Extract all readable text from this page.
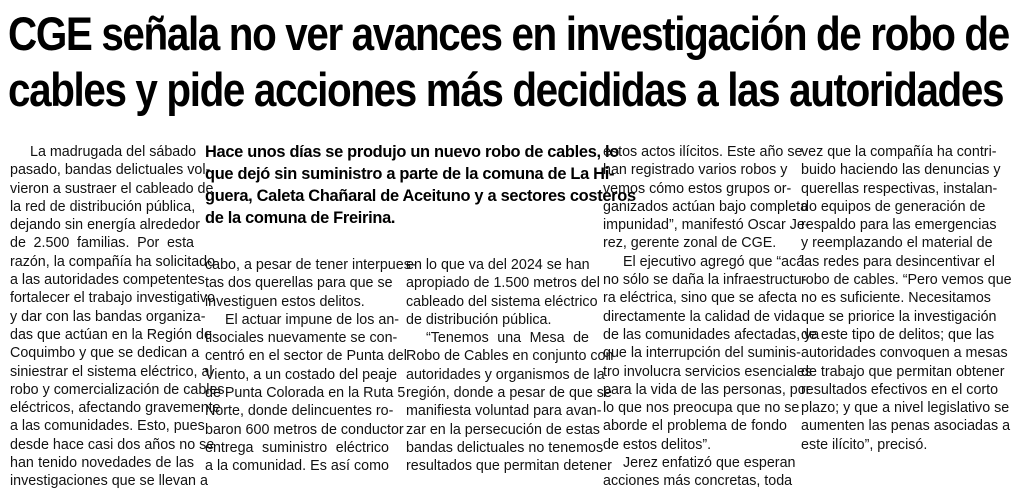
CGE señala no ver avances en investigación de robo de
cables y pide acciones más decididas a las autoridades
Hace unos días se produjo un nuevo robo de cables, lo
que dejó sin suministro a parte de la comuna de La Hi-
guera, Caleta Chañaral de Aceituno y a sectores costeros
de la comuna de Freirina.
La madrugada del sábado
pasado, bandas delictuales vol-
vieron a sustraer el cableado de
la red de distribución pública,
dejando sin energía alrededor
de 2.500 familias. Por esta
razón, la compañía ha solicitado
a las autoridades competentes
fortalecer el trabajo investigativo
y dar con las bandas organiza-
das que actúan en la Región de
Coquimbo y que se dedican a
siniestrar el sistema eléctrico, al
robo y comercialización de cables
eléctricos, afectando gravemente
a las comunidades. Esto, pues
desde hace casi dos años no se
han tenido novedades de las
investigaciones que se llevan a
cabo, a pesar de tener interpues-
tas dos querellas para que se
investiguen estos delitos.
El actuar impune de los an-
tisociales nuevamente se con-
centró en el sector de Punta del
Viento, a un costado del peaje
de Punta Colorada en la Ruta 5
Norte, donde delincuentes ro-
baron 600 metros de conductor
entrega suministro eléctrico
a la comunidad. Es así como
en lo que va del 2024 se han
apropiado de 1.500 metros del
cableado del sistema eléctrico
de distribución pública.
“Tenemos una Mesa de
Robo de Cables en conjunto con
autoridades y organismos de la
región, donde a pesar de que se
manifiesta voluntad para avan-
zar en la persecución de estas
bandas delictuales no tenemos
resultados que permitan detener
estos actos ilícitos. Este año se
han registrado varios robos y
vemos cómo estos grupos or-
ganizados actúan bajo completa
impunidad”, manifestó Oscar Je-
rez, gerente zonal de CGE.
El ejecutivo agregó que “acá
no sólo se daña la infraestructu-
ra eléctrica, sino que se afecta
directamente la calidad de vida
de las comunidades afectadas, ya
que la interrupción del suminis-
tro involucra servicios esenciales
para la vida de las personas, por
lo que nos preocupa que no se
aborde el problema de fondo
de estos delitos”.
Jerez enfatizó que esperan
acciones más concretas, toda
vez que la compañía ha contri-
buido haciendo las denuncias y
querellas respectivas, instalan-
do equipos de generación de
respaldo para las emergencias
y reemplazando el material de
las redes para desincentivar el
robo de cables. “Pero vemos que
no es suficiente. Necesitamos
que se priorice la investigación
de este tipo de delitos; que las
autoridades convoquen a mesas
de trabajo que permitan obtener
resultados efectivos en el corto
plazo; y que a nivel legislativo se
aumenten las penas asociadas a
este ilícito”, precisó.
